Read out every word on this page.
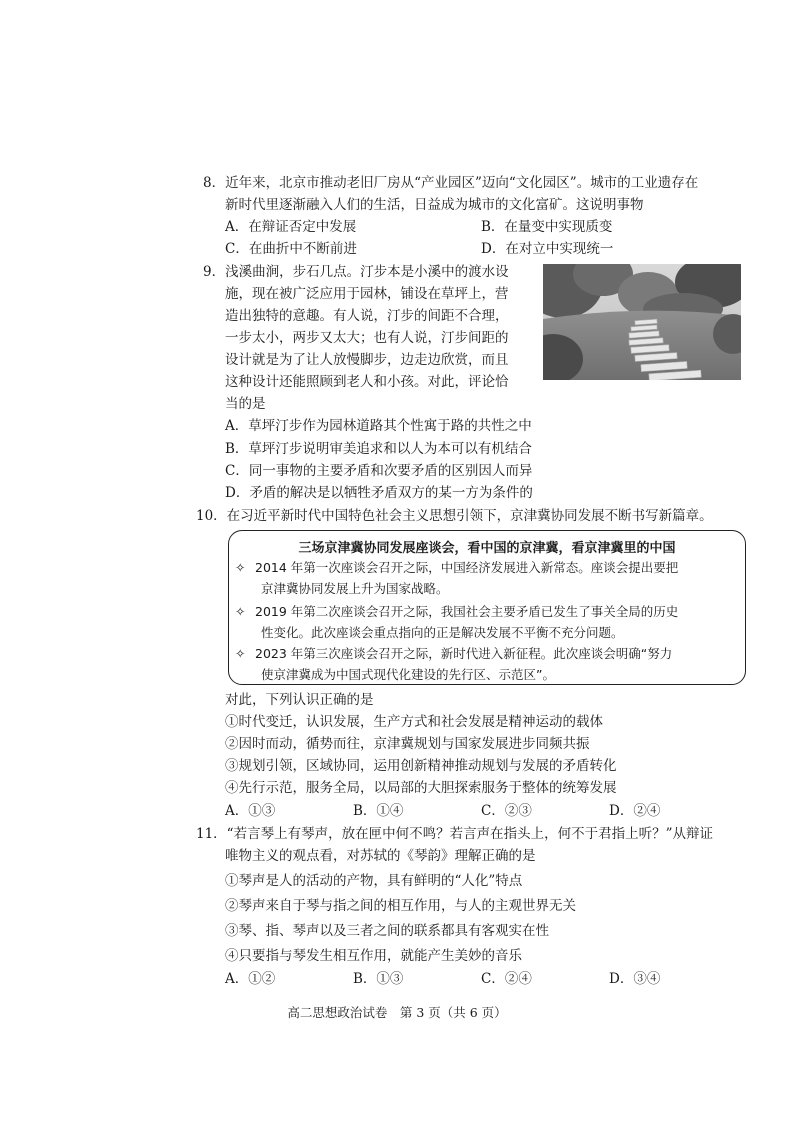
8．近年来，北京市推动老旧厂房从“产业园区”迈向“文化园区”。城市的工业遗存在
新时代里逐渐融入人们的生活，日益成为城市的文化富矿。这说明事物
A．在辩证否定中发展	B．在量变中实现质变
C．在曲折中不断前进	D．在对立中实现统一
9．浅溪曲涧，步石几点。汀步本是小溪中的渡水设
施，现在被广泛应用于园林，铺设在草坪上，营
造出独特的意趣。有人说，汀步的间距不合理，
一步太小，两步又太大；也有人说，汀步间距的
设计就是为了让人放慢脚步，边走边欣赏，而且
这种设计还能照顾到老人和小孩。对此，评论恰
当的是
A．草坪汀步作为园林道路其个性寓于路的共性之中
B．草坪汀步说明审美追求和以人为本可以有机结合
C．同一事物的主要矛盾和次要矛盾的区别因人而异
D．矛盾的解决是以牺牲矛盾双方的某一方为条件的
10．在习近平新时代中国特色社会主义思想引领下，京津冀协同发展不断书写新篇章。
三场京津冀协同发展座谈会，看中国的京津冀，看京津冀里的中国
✧ 2014 年第一次座谈会召开之际，中国经济发展进入新常态。座谈会提出要把
京津冀协同发展上升为国家战略。
✧ 2019 年第二次座谈会召开之际，我国社会主要矛盾已发生了事关全局的历史
性变化。此次座谈会重点指向的正是解决发展不平衡不充分问题。
✧ 2023 年第三次座谈会召开之际，新时代进入新征程。此次座谈会明确“努力
使京津冀成为中国式现代化建设的先行区、示范区”。
对此，下列认识正确的是
①时代变迁，认识发展，生产方式和社会发展是精神运动的载体
②因时而动，循势而往，京津冀规划与国家发展进步同频共振
③规划引领，区域协同，运用创新精神推动规划与发展的矛盾转化
④先行示范，服务全局，以局部的大胆探索服务于整体的统筹发展
A．①③	B．①④	C．②③	D．②④
11．“若言琴上有琴声，放在匣中何不鸣？若言声在指头上，何不于君指上听？”从辩证
唯物主义的观点看，对苏轼的《琴韵》理解正确的是
①琴声是人的活动的产物，具有鲜明的“人化”特点
②琴声来自于琴与指之间的相互作用，与人的主观世界无关
③琴、指、琴声以及三者之间的联系都具有客观实在性
④只要指与琴发生相互作用，就能产生美妙的音乐
A．①②	B．①③	C．②④	D．③④
高二思想政治试卷　第 3 页（共 6 页）
